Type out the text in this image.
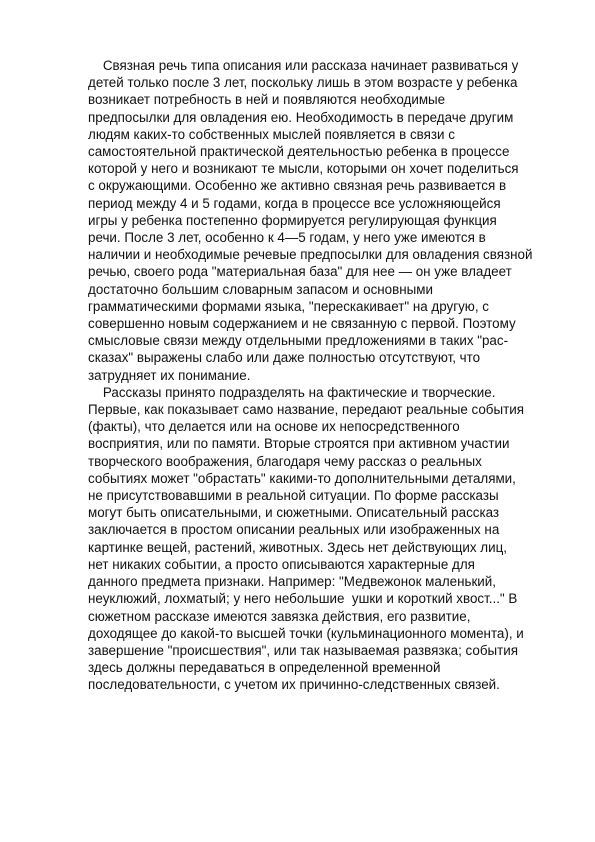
Связная речь типа описания или рассказа начинает развиваться у
детей только после 3 лет, поскольку лишь в этом возрасте у ребенка
возникает потребность в ней и появляются необходимые
предпосылки для овладения ею. Необходимость в передаче другим
людям каких-то собственных мыслей появляется в связи с
самостоятельной практической деятельностью ребенка в процессе
которой у него и возникают те мысли, которыми он хочет поделиться
с окружающими. Особенно же активно связная речь развивается в
период между 4 и 5 годами, когда в процессе все усложняющейся
игры у ребенка постепенно формируется регулирующая функция
речи. После 3 лет, особенно к 4—5 годам, у него уже имеются в
наличии и необходимые речевые предпосылки для овладения связной
речью, своего рода "материальная база" для нее — он уже владеет
достаточно большим словарным запасом и основными
грамматическими формами языка, "перескакивает" на другую, с
совершенно новым содержанием и не связанную с первой. Поэтому
смысловые связи между отдельными предложениями в таких "рас-
сказах" выражены слабо или даже полностью отсутствуют, что
затрудняет их понимание.
Рассказы принято подразделять на фактические и творческие.
Первые, как показывает само название, передают реальные события
(факты), что делается или на основе их непосредственного
восприятия, или по памяти. Вторые строятся при активном участии
творческого воображения, благодаря чему рассказ о реальных
событиях может "обрастать" какими-то дополнительными деталями,
не присутствовавшими в реальной ситуации. По форме рассказы
могут быть описательными, и сюжетными. Описательный рассказ
заключается в простом описании реальных или изображенных на
картинке вещей, растений, животных. Здесь нет действующих лиц,
нет никаких событии, а просто описываются характерные для
данного предмета признаки. Например: "Медвежонок маленький,
неуклюжий, лохматый; у него небольшие  ушки и короткий хвост..." В
сюжетном рассказе имеются завязка действия, его развитие,
доходящее до какой-то высшей точки (кульминационного момента), и
завершение "происшествия", или так называемая развязка; события
здесь должны передаваться в определенной временной
последовательности, с учетом их причинно-следственных связей.
